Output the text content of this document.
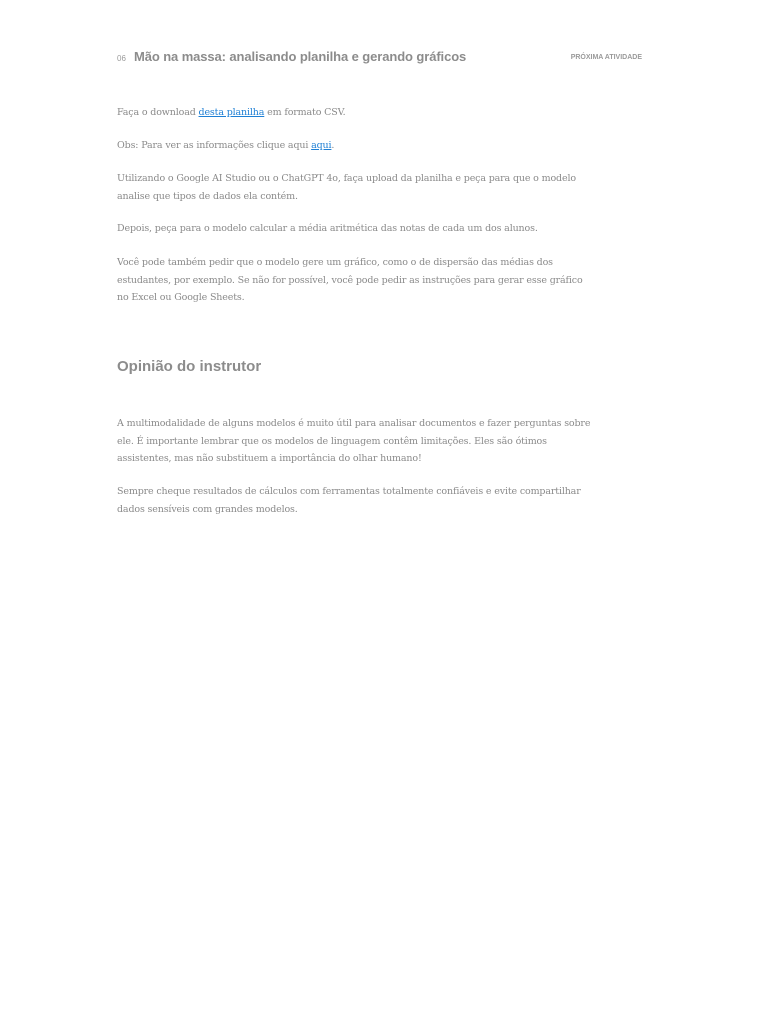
06 Mão na massa: analisando planilha e gerando gráficos	PRÓXIMA ATIVIDADE

Faça o download desta planilha em formato CSV.

Obs: Para ver as informações clique aqui aqui.

Utilizando o Google AI Studio ou o ChatGPT 4o, faça upload da planilha e peça para que o modelo analise que tipos de dados ela contém.

Depois, peça para o modelo calcular a média aritmética das notas de cada um dos alunos.

Você pode também pedir que o modelo gere um gráfico, como o de dispersão das médias dos estudantes, por exemplo. Se não for possível, você pode pedir as instruções para gerar esse gráfico no Excel ou Google Sheets.

Opinião do instrutor

A multimodalidade de alguns modelos é muito útil para analisar documentos e fazer perguntas sobre ele. É importante lembrar que os modelos de linguagem contêm limitações. Eles são ótimos assistentes, mas não substituem a importância do olhar humano!

Sempre cheque resultados de cálculos com ferramentas totalmente confiáveis e evite compartilhar dados sensíveis com grandes modelos.
